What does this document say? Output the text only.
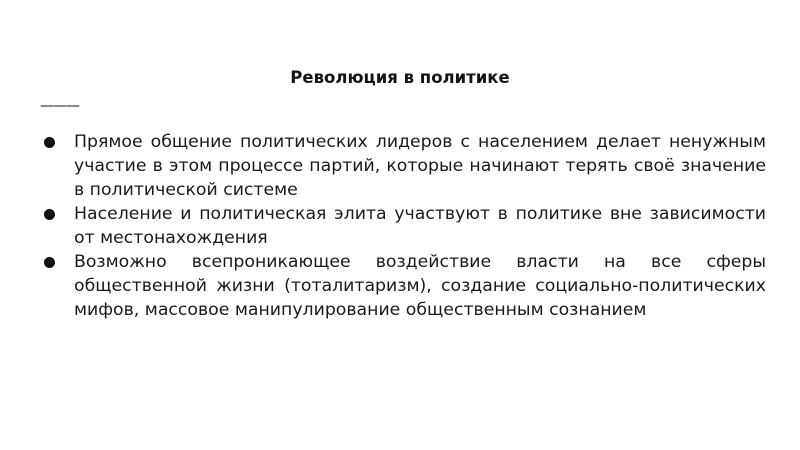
Революция в политике
———
Прямое общение политических лидеров с населением делает ненужным участие в этом процессе партий, которые начинают терять своё значение в политической системе
Население и политическая элита участвуют в политике вне зависимости от местонахождения
Возможно всепроникающее воздействие власти на все сферы общественной жизни (тоталитаризм), создание социально-политических мифов, массовое манипулирование общественным сознанием
